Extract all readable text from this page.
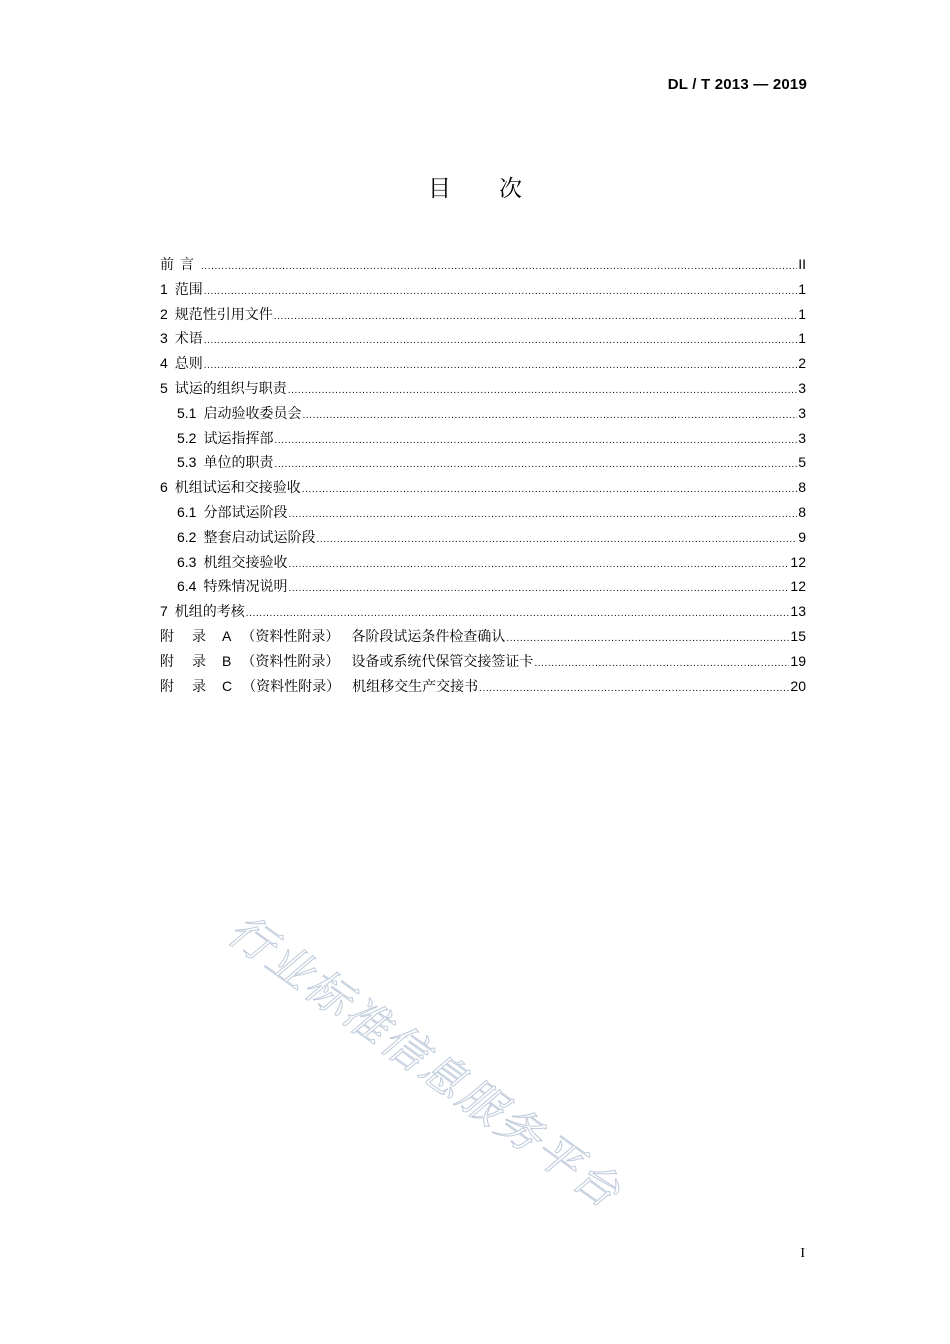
DL / T 2013 — 2019
目次
前言 .....	II
1 范围 .....	1
2 规范性引用文件 .....	1
3 术语 .....	1
4 总则 .....	2
5 试运的组织与职责 .....	3
5.1 启动验收委员会 .....	3
5.2 试运指挥部 .....	3
5.3 单位的职责 .....	5
6 机组试运和交接验收 .....	8
6.1 分部试运阶段 .....	8
6.2 整套启动试运阶段 .....	9
6.3 机组交接验收 .....	12
6.4 特殊情况说明 .....	12
7 机组的考核 .....	13
附 录 A （资料性附录） 各阶段试运条件检查确认 .....	15
附 录 B （资料性附录） 设备或系统代保管交接签证卡 .....	19
附 录 C （资料性附录） 机组移交生产交接书 .....	20
行业标准信息服务平台
I
